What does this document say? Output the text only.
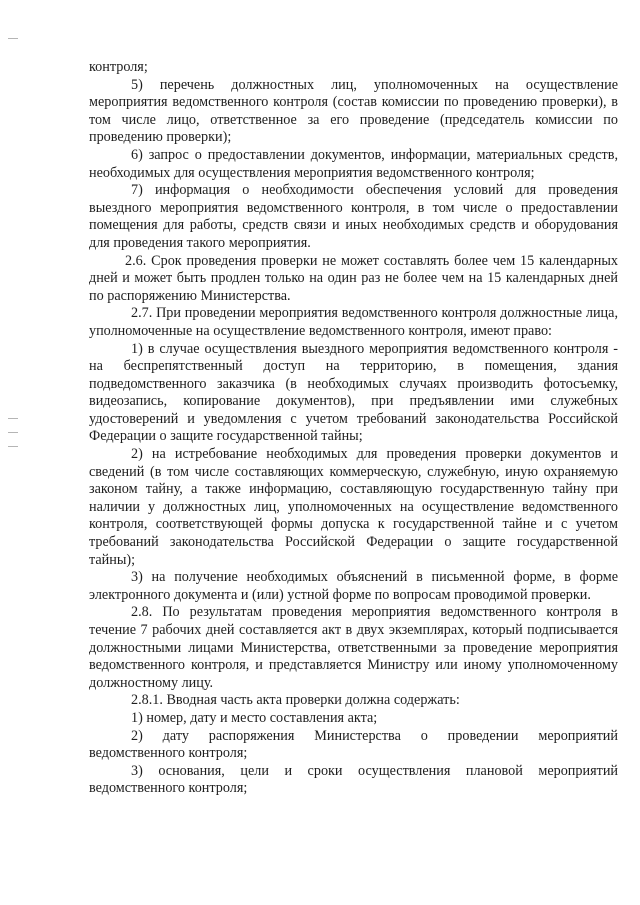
контроля;

5) перечень должностных лиц, уполномоченных на осуществление мероприятия ведомственного контроля (состав комиссии по проведению проверки), в том числе лицо, ответственное за его проведение (председатель комиссии по проведению проверки);

6) запрос о предоставлении документов, информации, материальных средств, необходимых для осуществления мероприятия ведомственного контроля;

7) информация о необходимости обеспечения условий для проведения выездного мероприятия ведомственного контроля, в том числе о предоставлении помещения для работы, средств связи и иных необходимых средств и оборудования для проведения такого мероприятия.

2.6. Срок проведения проверки не может составлять более чем 15 календарных дней и может быть продлен только на один раз не более чем на 15 календарных дней по распоряжению Министерства.

2.7. При проведении мероприятия ведомственного контроля должностные лица, уполномоченные на осуществление ведомственного контроля, имеют право:

1) в случае осуществления выездного мероприятия ведомственного контроля - на беспрепятственный доступ на территорию, в помещения, здания подведомственного заказчика (в необходимых случаях производить фотосъемку, видеозапись, копирование документов), при предъявлении ими служебных удостоверений и уведомления с учетом требований законодательства Российской Федерации о защите государственной тайны;

2) на истребование необходимых для проведения проверки документов и сведений (в том числе составляющих коммерческую, служебную, иную охраняемую законом тайну, а также информацию, составляющую государственную тайну при наличии у должностных лиц, уполномоченных на осуществление ведомственного контроля, соответствующей формы допуска к государственной тайне и с учетом требований законодательства Российской Федерации о защите государственной тайны);

3) на получение необходимых объяснений в письменной форме, в форме электронного документа и (или) устной форме по вопросам проводимой проверки.

2.8. По результатам проведения мероприятия ведомственного контроля в течение 7 рабочих дней составляется акт в двух экземплярах, который подписывается должностными лицами Министерства, ответственными за проведение мероприятия ведомственного контроля, и представляется Министру или иному уполномоченному должностному лицу.

2.8.1. Вводная часть акта проверки должна содержать:

1) номер, дату и место составления акта;

2) дату распоряжения Министерства о проведении мероприятий ведомственного контроля;

3) основания, цели и сроки осуществления плановой мероприятий ведомственного контроля;
